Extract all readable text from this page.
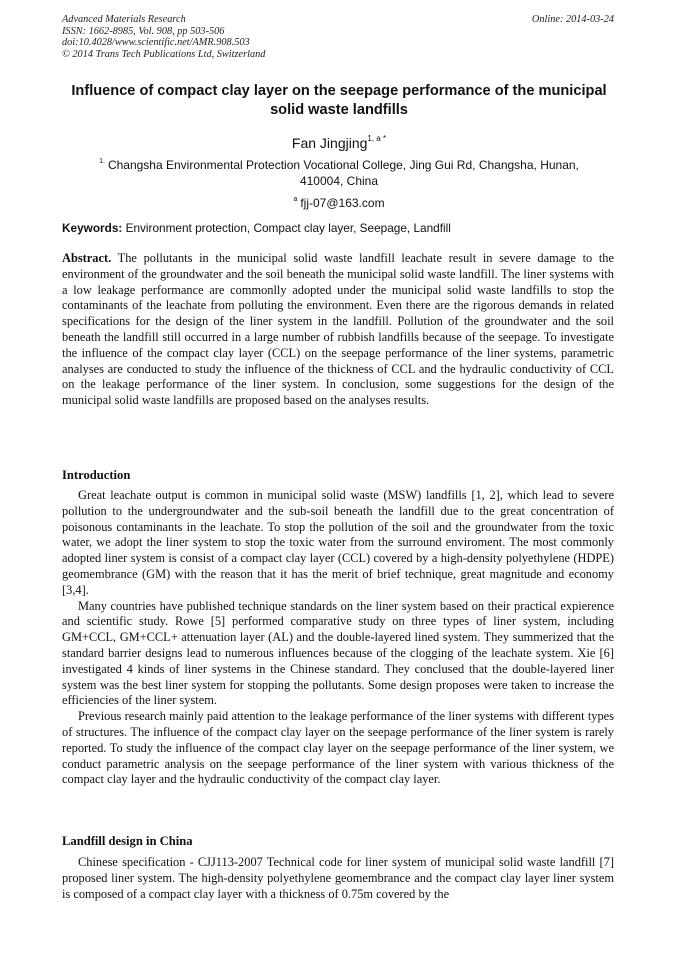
Advanced Materials Research
ISSN: 1662-8985, Vol. 908, pp 503-506
doi:10.4028/www.scientific.net/AMR.908.503
© 2014 Trans Tech Publications Ltd, Switzerland
Online: 2014-03-24
Influence of compact clay layer on the seepage performance of the municipal solid waste landfills
Fan Jingjing$^{1, a *}$
$^{1.}$ Changsha Environmental Protection Vocational College, Jing Gui Rd, Changsha, Hunan, 410004, China
$^a$ fjj-07@163.com
Keywords: Environment protection, Compact clay layer, Seepage, Landfill

Abstract. The pollutants in the municipal solid waste landfill leachate result in severe damage to the environment of the groundwater and the soil beneath the municipal solid waste landfill. The liner systems with a low leakage performance are commonlly adopted under the municipal solid waste landfills to stop the contaminants of the leachate from polluting the environment. Even there are the rigorous demands in related specifications for the design of the liner system in the landfill. Pollution of the groundwater and the soil beneath the landfill still occurred in a large number of rubbish landfills because of the seepage. To investigate the influence of the compact clay layer (CCL) on the seepage performance of the liner systems, parametric analyses are conducted to study the influence of the thickness of CCL and the hydraulic conductivity of CCL on the leakage performance of the liner system. In conclusion, some suggestions for the design of the municipal solid waste landfills are proposed based on the analyses results.

Introduction

Great leachate output is common in municipal solid waste (MSW) landfills [1, 2], which lead to severe pollution to the undergroundwater and the sub-soil beneath the landfill due to the great concentration of poisonous contaminants in the leachate. To stop the pollution of the soil and the groundwater from the toxic water, we adopt the liner system to stop the toxic water from the surround enviroment. The most commonly adopted liner system is consist of a compact clay layer (CCL) covered by a high-density polyethylene (HDPE) geomembrance (GM) with the reason that it has the merit of brief technique, great magnitude and economy [3,4].

Many countries have published technique standards on the liner system based on their practical expierence and scientific study. Rowe [5] performed comparative study on three types of liner system, including GM+CCL, GM+CCL+ attenuation layer (AL) and the double-layered lined system. They summerized that the standard barrier designs lead to numerous influences because of the clogging of the leachate system. Xie [6] investigated 4 kinds of liner systems in the Chinese standard. They conclused that the double-layered liner system was the best liner system for stopping the pollutants. Some design proposes were taken to increase the efficiencies of the liner system.

Previous research mainly paid attention to the leakage performance of the liner systems with different types of structures. The influence of the compact clay layer on the seepage performance of the liner system is rarely reported. To study the influence of the compact clay layer on the seepage performance of the liner system, we conduct parametric analysis on the seepage performance of the liner system with various thickness of the compact clay layer and the hydraulic conductivity of the compact clay layer.

Landfill design in China

Chinese specification - CJJ113-2007 Technical code for liner system of municipal solid waste landfill [7] proposed liner system. The high-density polyethylene geomembrance and the compact clay layer liner system is composed of a compact clay layer with a thickness of 0.75m covered by the
